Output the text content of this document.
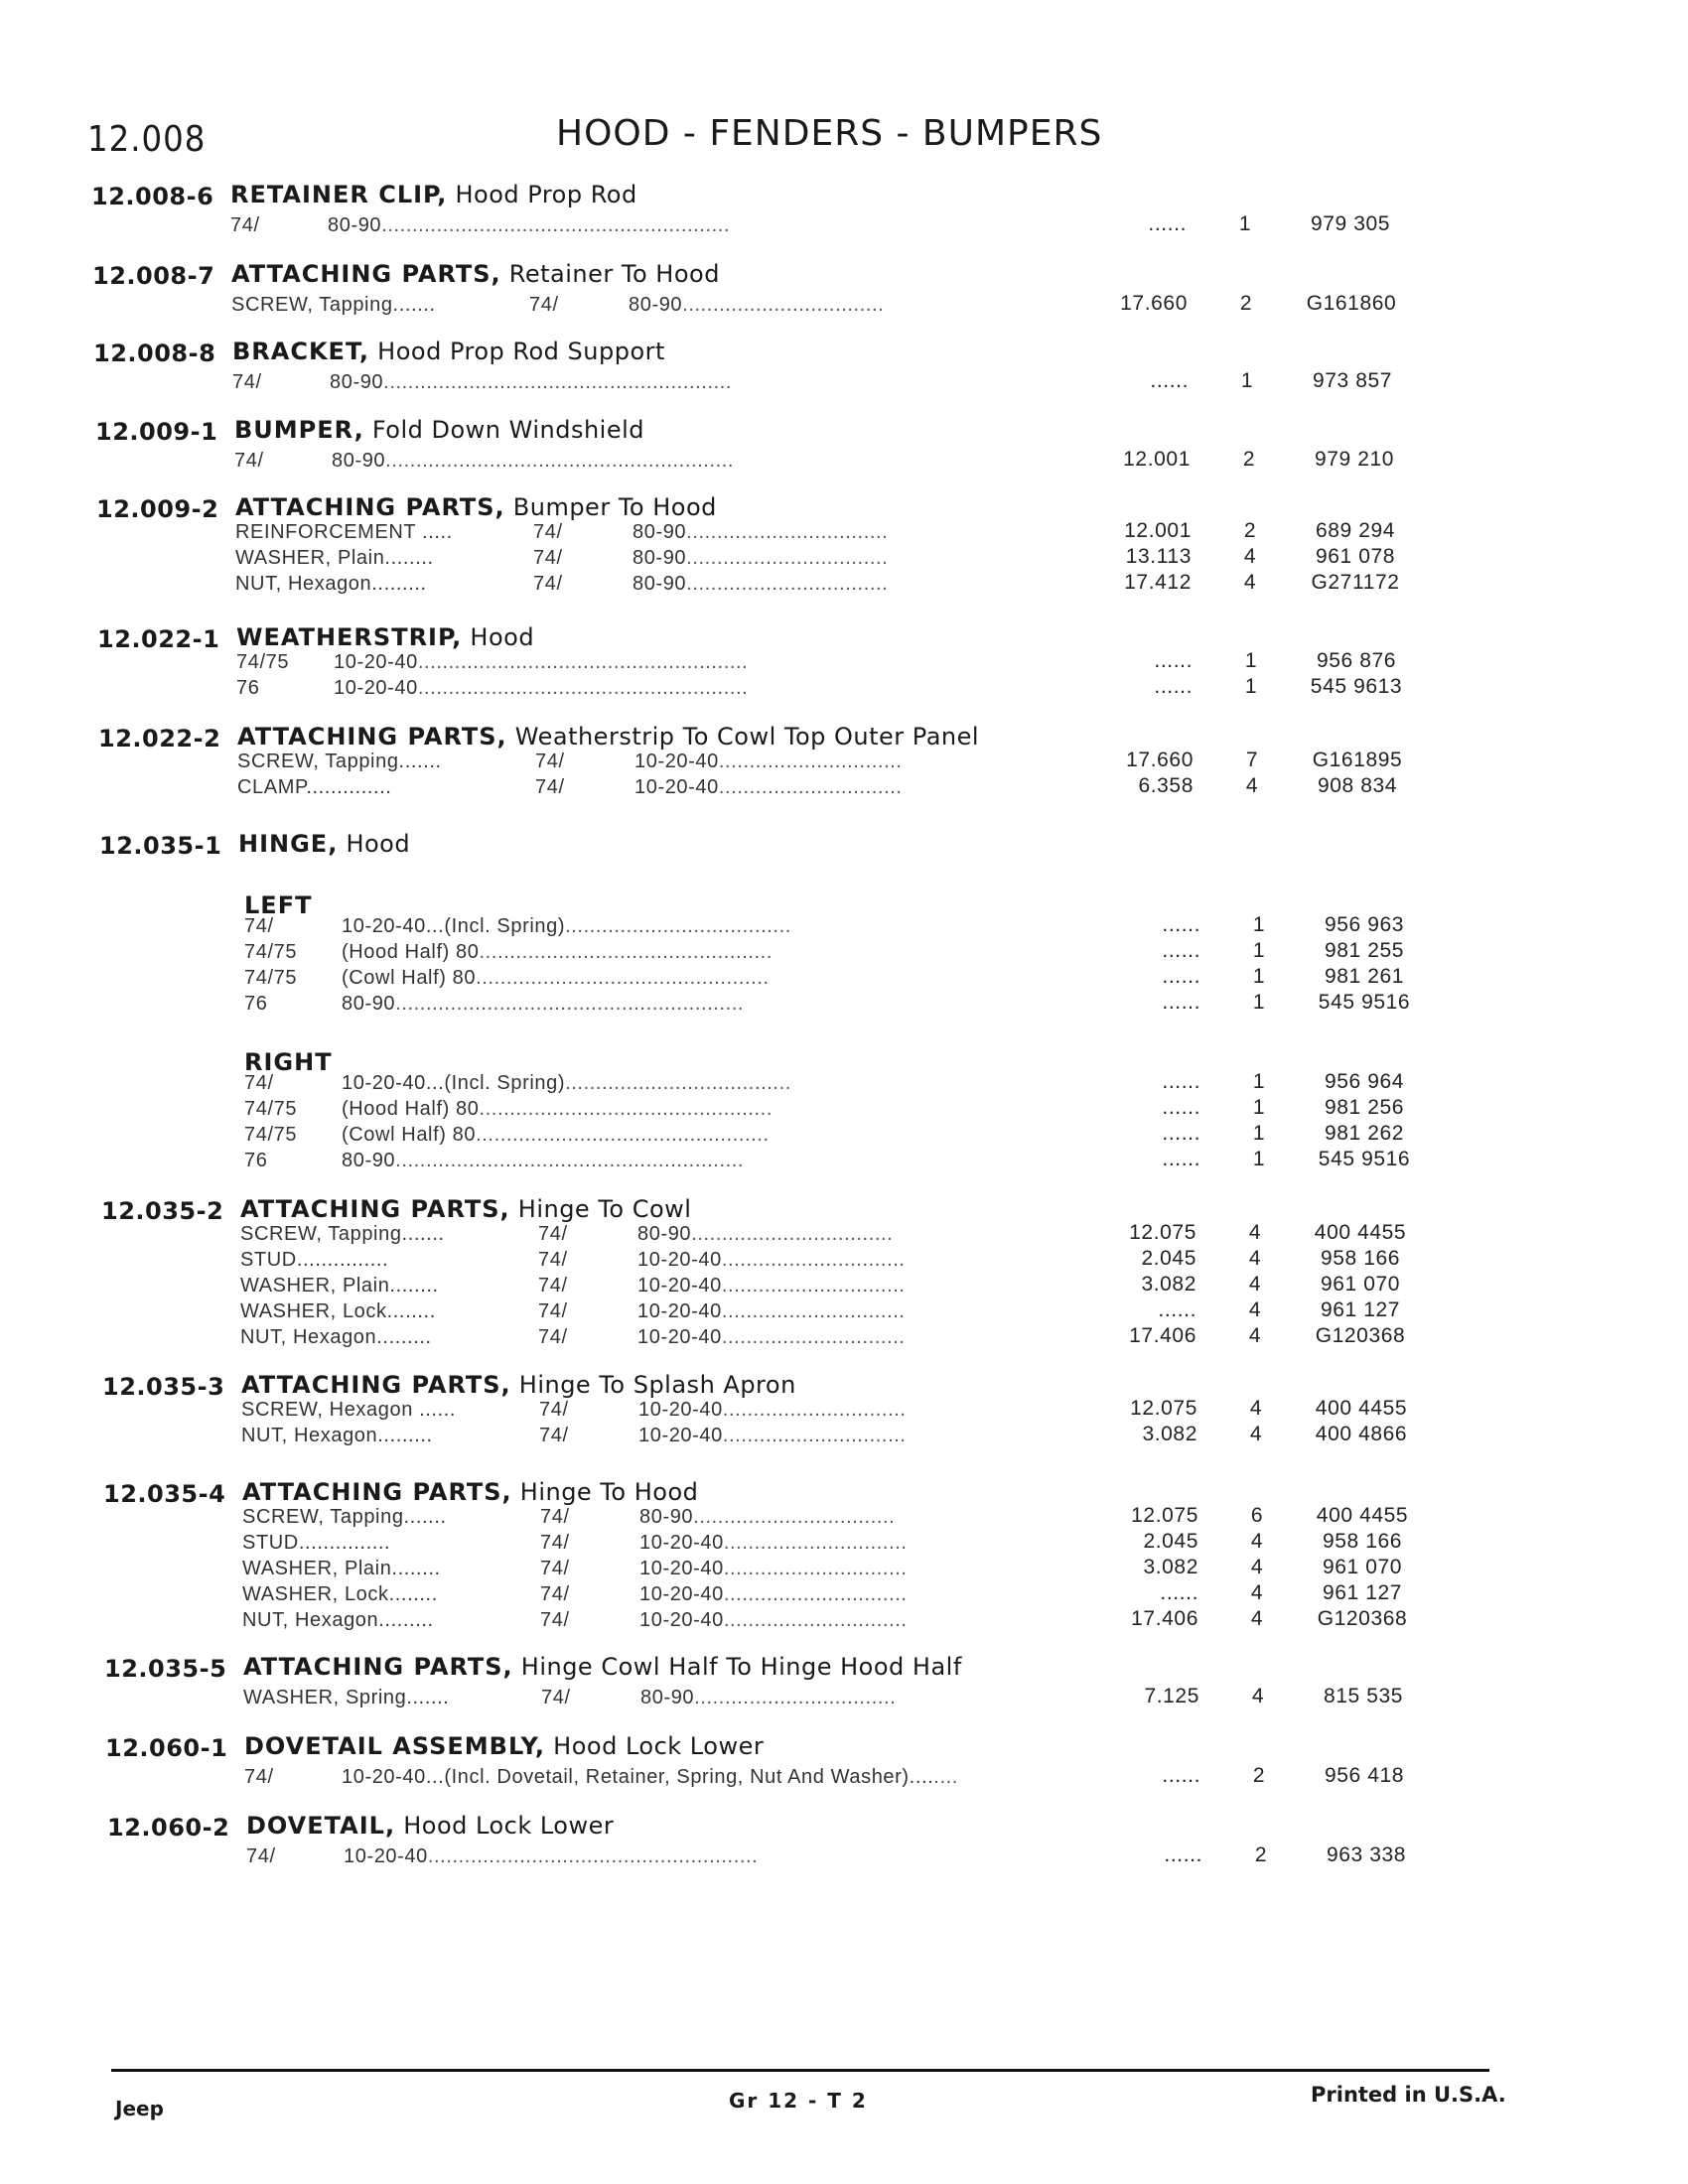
12.008	HOOD - FENDERS - BUMPERS
12.008-6 RETAINER CLIP, Hood Prop Rod
74/	80-90.........................................................	......	1	979 305
12.008-7 ATTACHING PARTS, Retainer To Hood
SCREW, Tapping.......	74/	80-90.................................	17.660	2	G161860
12.008-8 BRACKET, Hood Prop Rod Support
74/	80-90.........................................................	......	1	973 857
12.009-1 BUMPER, Fold Down Windshield
74/	80-90.........................................................	12.001	2	979 210
12.009-2 ATTACHING PARTS, Bumper To Hood
REINFORCEMENT .....	74/	80-90.................................	12.001	2	689 294
WASHER, Plain........	74/	80-90.................................	13.113	4	961 078
NUT, Hexagon.........	74/	80-90.................................	17.412	4	G271172
12.022-1 WEATHERSTRIP, Hood
74/75 10-20-40......................................................	......	1	956 876
76	10-20-40......................................................	......	1	545 9613
12.022-2 ATTACHING PARTS, Weatherstrip To Cowl Top Outer Panel
SCREW, Tapping.......	74/	10-20-40..............................	17.660	7	G161895
CLAMP..............	74/	10-20-40..............................	6.358	4	908 834
12.035-1 HINGE, Hood
LEFT
74/	10-20-40...(Incl. Spring).....................................	......	1	956 963
74/75 (Hood Half) 80................................................	......	1	981 255
74/75 (Cowl Half) 80................................................	......	1	981 261
76	80-90.........................................................	......	1	545 9516
RIGHT
74/	10-20-40...(Incl. Spring).....................................	......	1	956 964
74/75 (Hood Half) 80................................................	......	1	981 256
74/75 (Cowl Half) 80................................................	......	1	981 262
76	80-90.........................................................	......	1	545 9516
12.035-2 ATTACHING PARTS, Hinge To Cowl
SCREW, Tapping.......	74/	80-90.................................	12.075	4	400 4455
STUD...............	74/	10-20-40..............................	2.045	4	958 166
WASHER, Plain........	74/	10-20-40..............................	3.082	4	961 070
WASHER, Lock........	74/	10-20-40..............................	......	4	961 127
NUT, Hexagon.........	74/	10-20-40..............................	17.406	4	G120368
12.035-3 ATTACHING PARTS, Hinge To Splash Apron
SCREW, Hexagon ......	74/	10-20-40..............................	12.075	4	400 4455
NUT, Hexagon.........	74/	10-20-40..............................	3.082	4	400 4866
12.035-4 ATTACHING PARTS, Hinge To Hood
SCREW, Tapping.......	74/	80-90.................................	12.075	6	400 4455
STUD...............	74/	10-20-40..............................	2.045	4	958 166
WASHER, Plain........	74/	10-20-40..............................	3.082	4	961 070
WASHER, Lock........	74/	10-20-40..............................	......	4	961 127
NUT, Hexagon.........	74/	10-20-40..............................	17.406	4	G120368
12.035-5 ATTACHING PARTS, Hinge Cowl Half To Hinge Hood Half
WASHER, Spring.......	74/	80-90.................................	7.125	4	815 535
12.060-1 DOVETAIL ASSEMBLY, Hood Lock Lower
74/	10-20-40...(Incl. Dovetail, Retainer, Spring, Nut And Washer)........	......	2	956 418
12.060-2 DOVETAIL, Hood Lock Lower
74/	10-20-40......................................................	......	2	963 338
Jeep	Gr 12 - T 2	Printed in U.S.A.
